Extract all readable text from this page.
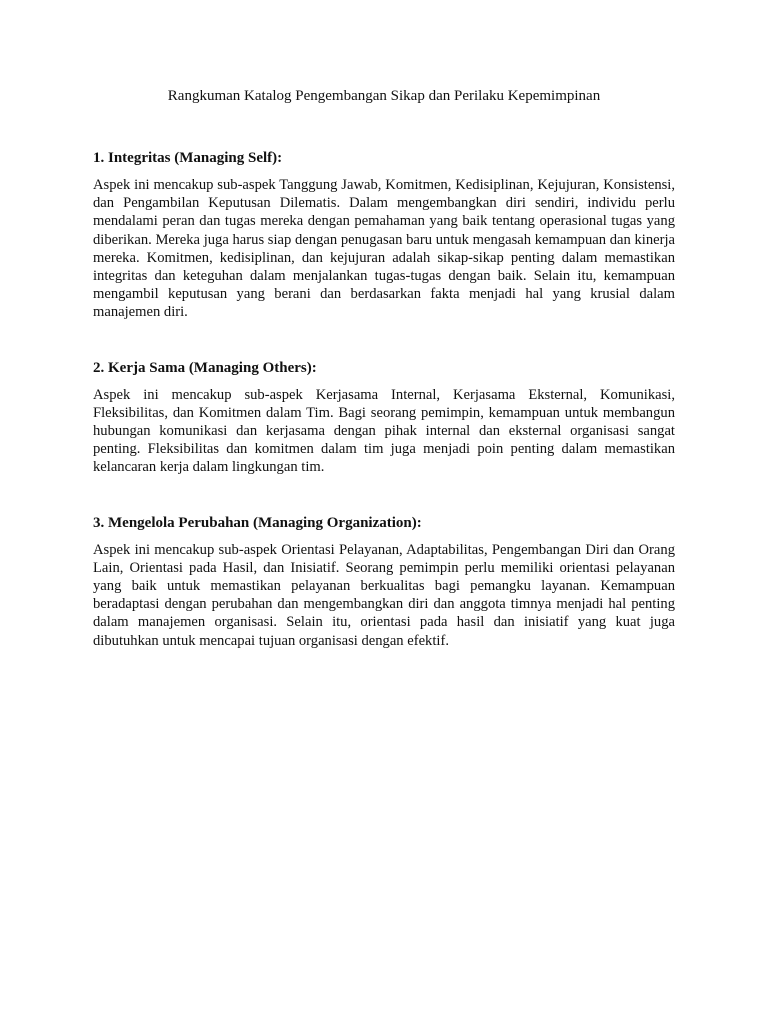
Rangkuman Katalog Pengembangan Sikap dan Perilaku Kepemimpinan
1. Integritas (Managing Self):

Aspek ini mencakup sub-aspek Tanggung Jawab, Komitmen, Kedisiplinan, Kejujuran, Konsistensi, dan Pengambilan Keputusan Dilematis. Dalam mengembangkan diri sendiri, individu perlu mendalami peran dan tugas mereka dengan pemahaman yang baik tentang operasional tugas yang diberikan. Mereka juga harus siap dengan penugasan baru untuk mengasah kemampuan dan kinerja mereka. Komitmen, kedisiplinan, dan kejujuran adalah sikap-sikap penting dalam memastikan integritas dan keteguhan dalam menjalankan tugas-tugas dengan baik. Selain itu, kemampuan mengambil keputusan yang berani dan berdasarkan fakta menjadi hal yang krusial dalam manajemen diri.

2. Kerja Sama (Managing Others):

Aspek ini mencakup sub-aspek Kerjasama Internal, Kerjasama Eksternal, Komunikasi, Fleksibilitas, dan Komitmen dalam Tim. Bagi seorang pemimpin, kemampuan untuk membangun hubungan komunikasi dan kerjasama dengan pihak internal dan eksternal organisasi sangat penting. Fleksibilitas dan komitmen dalam tim juga menjadi poin penting dalam memastikan kelancaran kerja dalam lingkungan tim.

3. Mengelola Perubahan (Managing Organization):

Aspek ini mencakup sub-aspek Orientasi Pelayanan, Adaptabilitas, Pengembangan Diri dan Orang Lain, Orientasi pada Hasil, dan Inisiatif. Seorang pemimpin perlu memiliki orientasi pelayanan yang baik untuk memastikan pelayanan berkualitas bagi pemangku layanan. Kemampuan beradaptasi dengan perubahan dan mengembangkan diri dan anggota timnya menjadi hal penting dalam manajemen organisasi. Selain itu, orientasi pada hasil dan inisiatif yang kuat juga dibutuhkan untuk mencapai tujuan organisasi dengan efektif.
